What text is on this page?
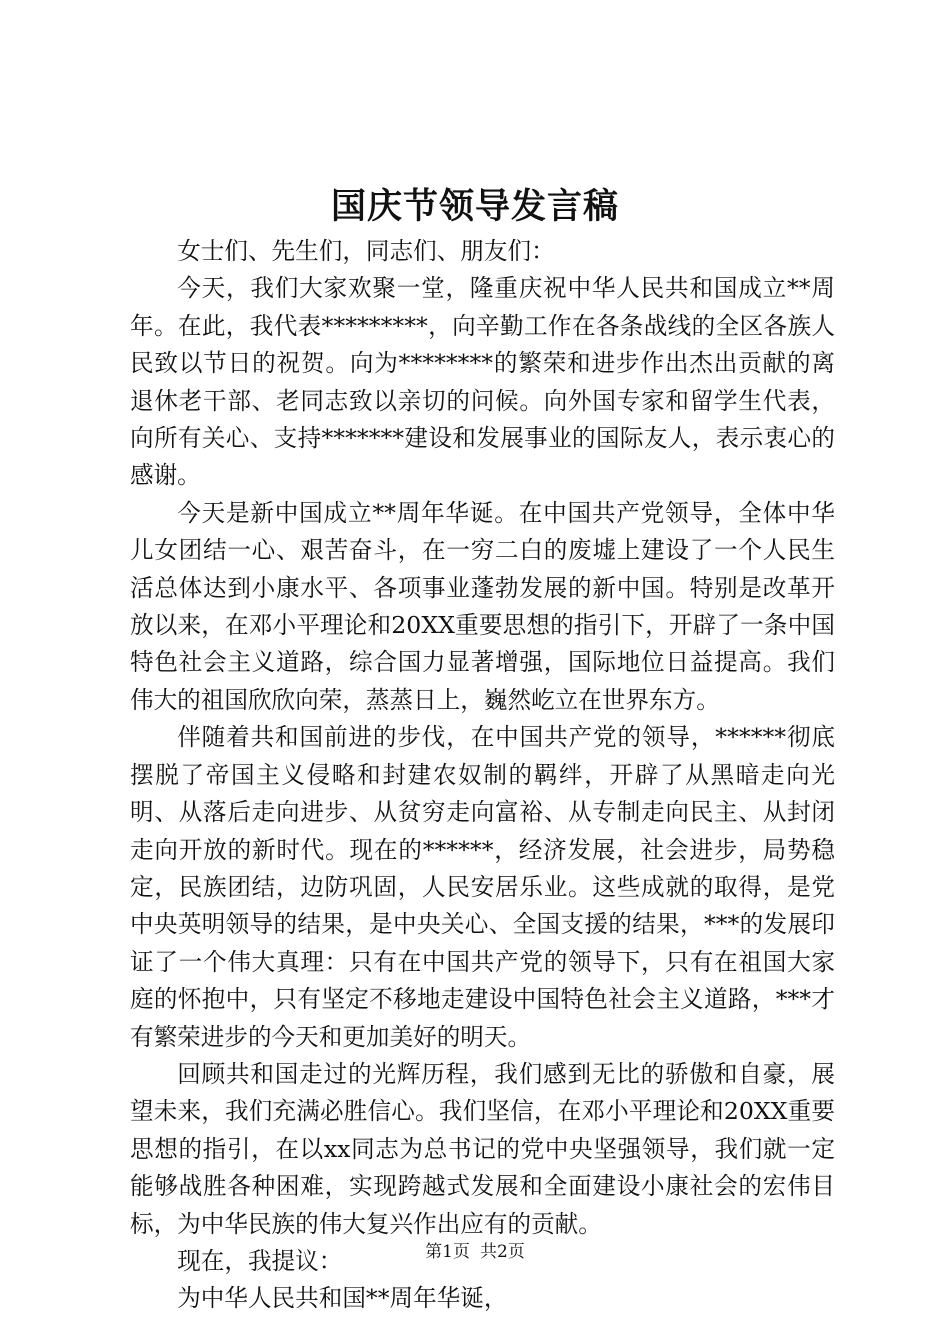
国庆节领导发言稿

女士们、先生们，同志们、朋友们：

今天，我们大家欢聚一堂，隆重庆祝中华人民共和国成立**周年。在此，我代表*********，向辛勤工作在各条战线的全区各族人民致以节日的祝贺。向为********的繁荣和进步作出杰出贡献的离退休老干部、老同志致以亲切的问候。向外国专家和留学生代表，向所有关心、支持*******建设和发展事业的国际友人，表示衷心的感谢。

今天是新中国成立**周年华诞。在中国共产党领导，全体中华儿女团结一心、艰苦奋斗，在一穷二白的废墟上建设了一个人民生活总体达到小康水平、各项事业蓬勃发展的新中国。特别是改革开放以来，在邓小平理论和20XX重要思想的指引下，开辟了一条中国特色社会主义道路，综合国力显著增强，国际地位日益提高。我们伟大的祖国欣欣向荣，蒸蒸日上，巍然屹立在世界东方。

伴随着共和国前进的步伐，在中国共产党的领导，******彻底摆脱了帝国主义侵略和封建农奴制的羁绊，开辟了从黑暗走向光明、从落后走向进步、从贫穷走向富裕、从专制走向民主、从封闭走向开放的新时代。现在的******，经济发展，社会进步，局势稳定，民族团结，边防巩固，人民安居乐业。这些成就的取得，是党中央英明领导的结果，是中央关心、全国支援的结果，***的发展印证了一个伟大真理：只有在中国共产党的领导下，只有在祖国大家庭的怀抱中，只有坚定不移地走建设中国特色社会主义道路，***才有繁荣进步的今天和更加美好的明天。

回顾共和国走过的光辉历程，我们感到无比的骄傲和自豪，展望未来，我们充满必胜信心。我们坚信，在邓小平理论和20XX重要思想的指引，在以xx同志为总书记的党中央坚强领导，我们就一定能够战胜各种困难，实现跨越式发展和全面建设小康社会的宏伟目标，为中华民族的伟大复兴作出应有的贡献。

现在，我提议：

为中华人民共和国**周年华诞，

第1页 共2页
